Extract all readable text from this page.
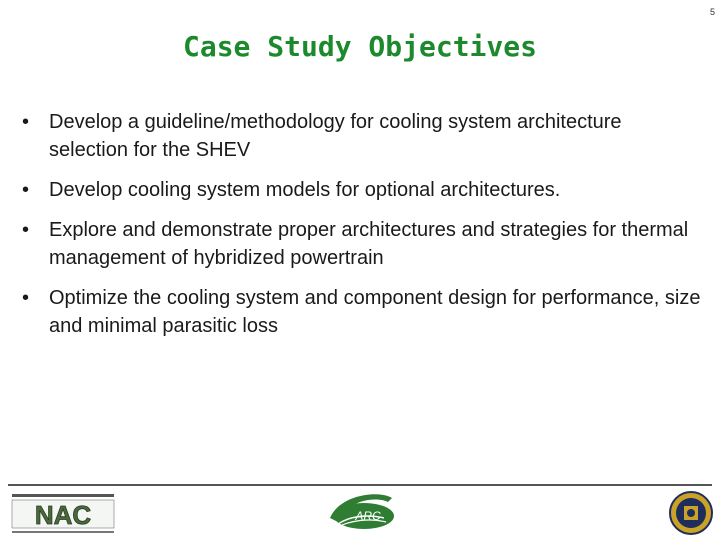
5
Case Study Objectives
• Develop a guideline/methodology for cooling system architecture selection for the SHEV
• Develop cooling system models for optional architectures.
• Explore and demonstrate proper architectures and strategies for thermal management of hybridized powertrain
• Optimize the cooling system and component design for performance, size and minimal parasitic loss
NAC	ARC
